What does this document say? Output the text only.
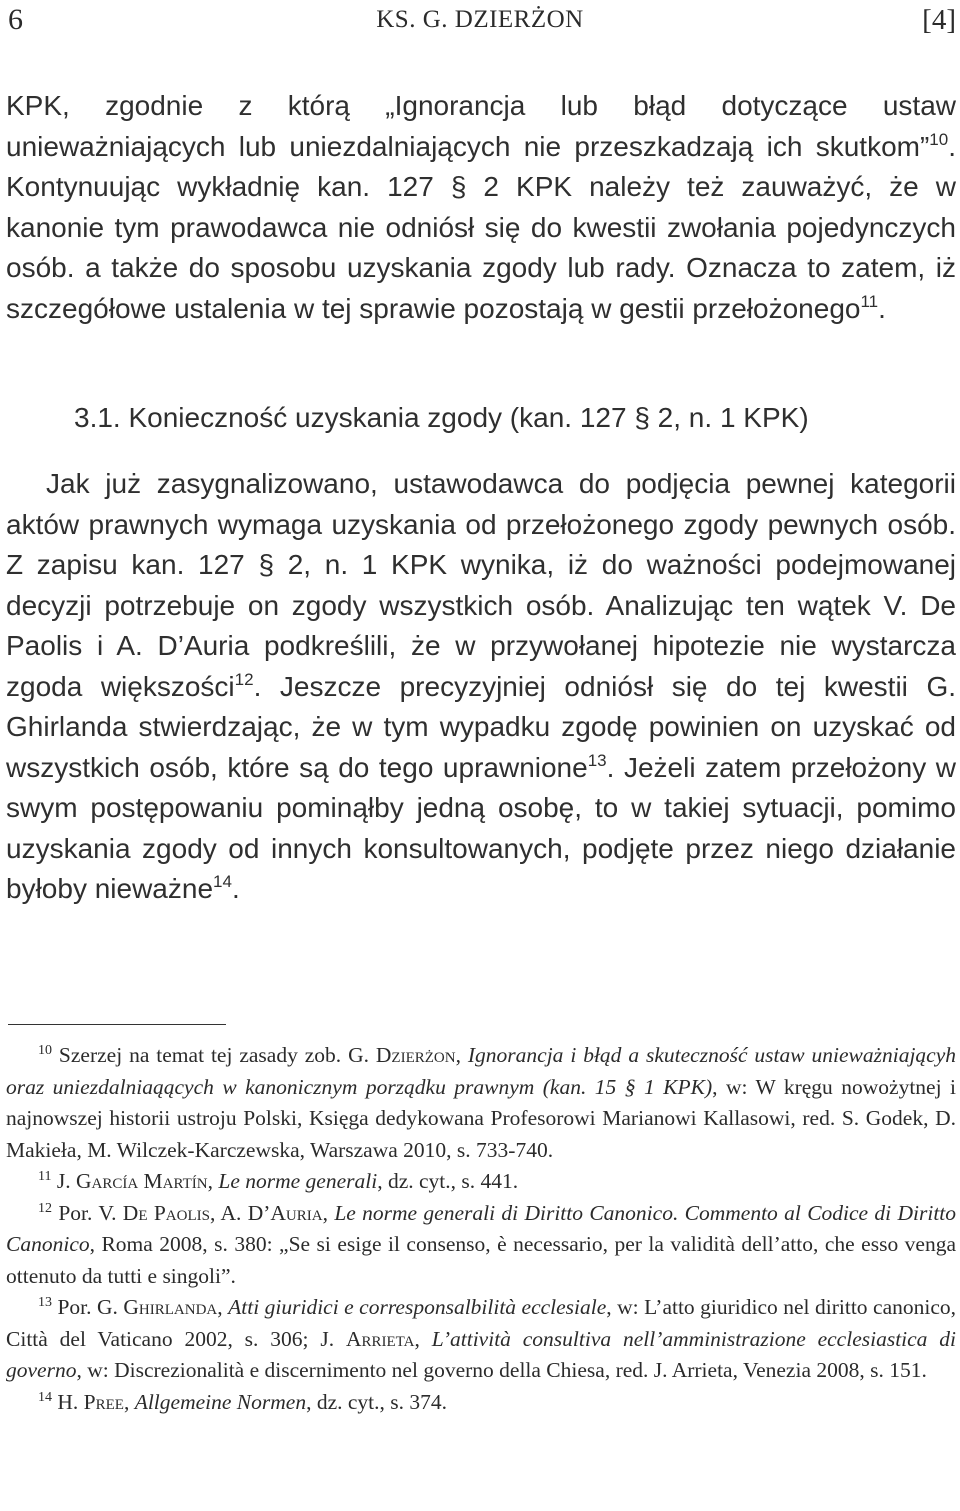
6	KS. G. DZIERŻON	[4]

KPK, zgodnie z którą „Ignorancja lub błąd dotyczące ustaw unieważniających lub uniezdalniających nie przeszkadzają ich skutkom”$^{10}$. Kontynuując wykładnię kan. 127 § 2 KPK należy też zauważyć, że w kanonie tym prawodawca nie odniósł się do kwestii zwołania pojedynczych osób. a także do sposobu uzyskania zgody lub rady. Oznacza to zatem, iż szczegółowe ustalenia w tej sprawie pozostają w gestii przełożonego$^{11}$.

3.1. Konieczność uzyskania zgody (kan. 127 § 2, n. 1 KPK)

Jak już zasygnalizowano, ustawodawca do podjęcia pewnej kategorii aktów prawnych wymaga uzyskania od przełożonego zgody pewnych osób. Z zapisu kan. 127 § 2, n. 1 KPK wynika, iż do ważności podejmowanej decyzji potrzebuje on zgody wszystkich osób. Analizując ten wątek V. De Paolis i A. D’Auria podkreślili, że w przywołanej hipotezie nie wystarcza zgoda większości$^{12}$. Jeszcze precyzyjniej odniósł się do tej kwestii G. Ghirlanda stwierdzając, że w tym wypadku zgodę powinien on uzyskać od wszystkich osób, które są do tego uprawnione$^{13}$. Jeżeli zatem przełożony w swym postępowaniu pominąłby jedną osobę, to w takiej sytuacji, pomimo uzyskania zgody od innych konsultowanych, podjęte przez niego działanie byłoby nieważne$^{14}$.

$^{10}$ Szerzej na temat tej zasady zob. G. Dzierżon, Ignorancja i błąd a skuteczność ustaw unieważniającyh oraz uniezdalniaąących w kanonicznym porządku prawnym (kan. 15 § 1 KPK), w: W kręgu nowożytnej i najnowszej historii ustroju Polski, Księga dedykowana Profesorowi Marianowi Kallasowi, red. S. Godek, D. Makieła, M. Wilczek-Karczewska, Warszawa 2010, s. 733-740.

$^{11}$ J. García Martín, Le norme generali, dz. cyt., s. 441.

$^{12}$ Por. V. De Paolis, A. D’Auria, Le norme generali di Diritto Canonico. Commento al Codice di Diritto Canonico, Roma 2008, s. 380: „Se si esige il consenso, è necessario, per la validità dell’atto, che esso venga ottenuto da tutti e singoli”.

$^{13}$ Por. G. Ghirlanda, Atti giuridici e corresponsalbilità ecclesiale, w: L’atto giuridico nel diritto canonico, Città del Vaticano 2002, s. 306; J. Arrieta, L’attività consultiva nell’amministrazione ecclesiastica di governo, w: Discrezionalità e discernimento nel governo della Chiesa, red. J. Arrieta, Venezia 2008, s. 151.

$^{14}$ H. Pree, Allgemeine Normen, dz. cyt., s. 374.
